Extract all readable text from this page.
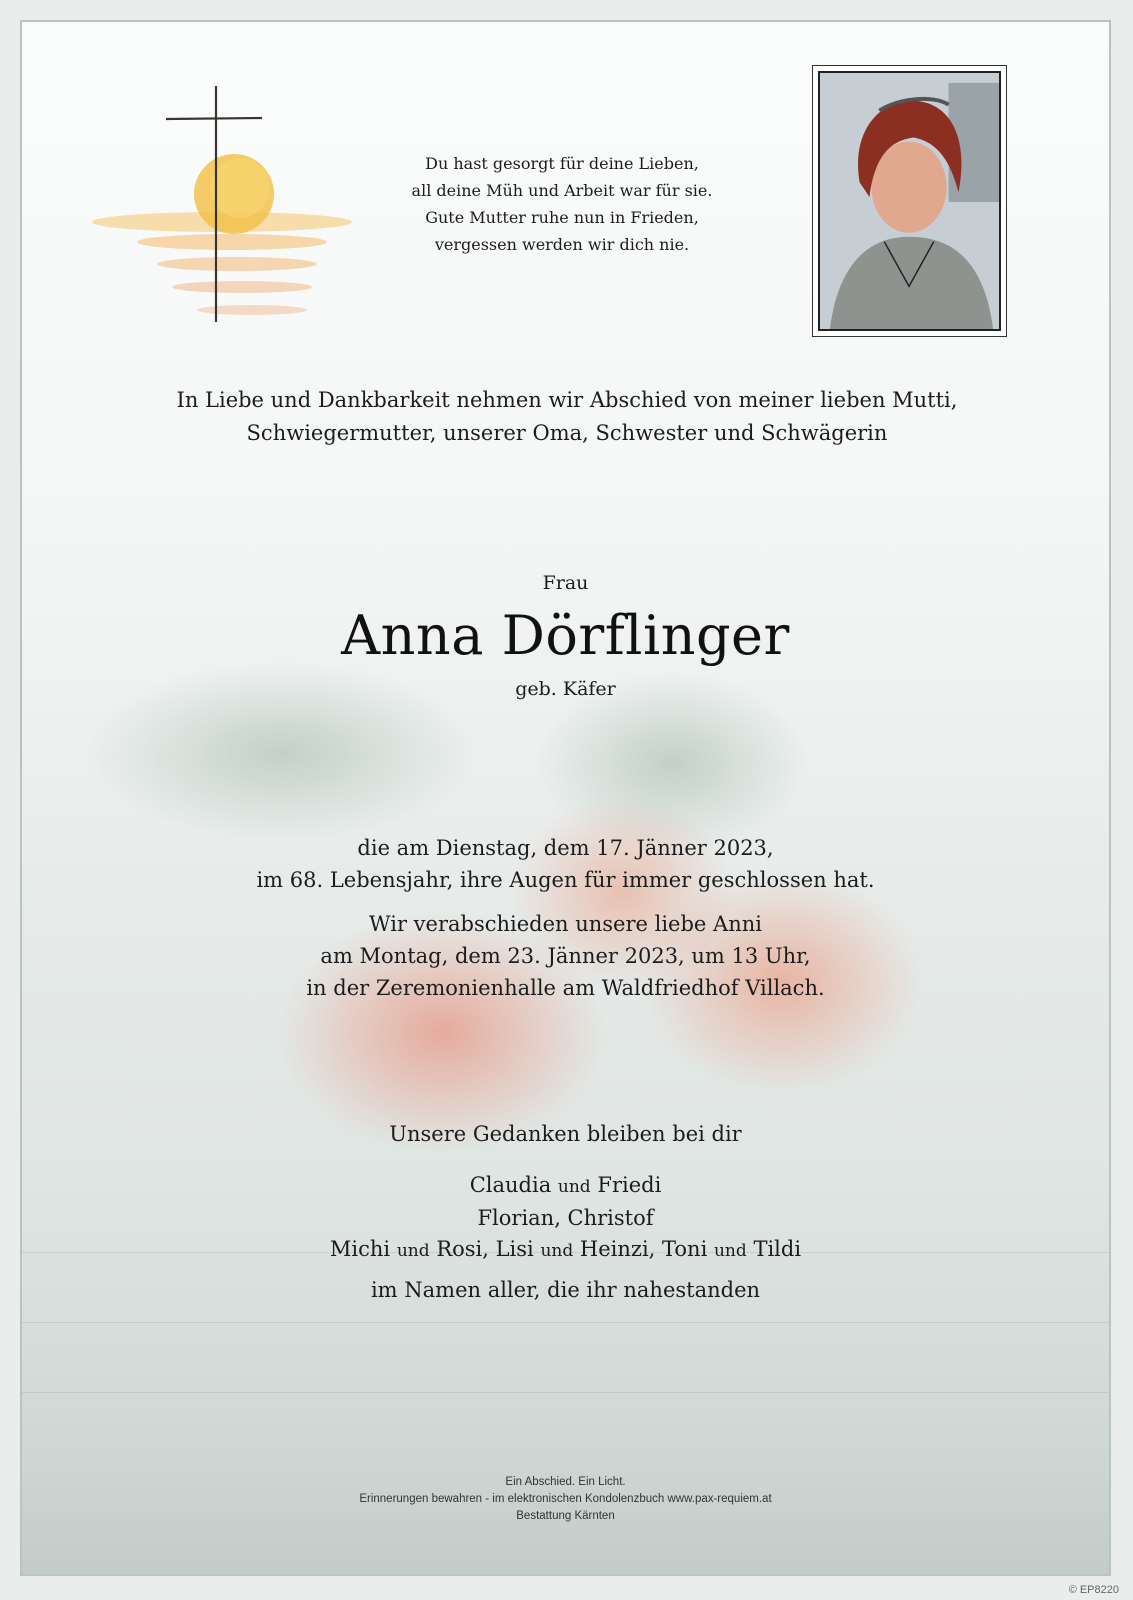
Du hast gesorgt für deine Lieben,
all deine Müh und Arbeit war für sie.
Gute Mutter ruhe nun in Frieden,
vergessen werden wir dich nie.
In Liebe und Dankbarkeit nehmen wir Abschied von meiner lieben Mutti,
Schwiegermutter, unserer Oma, Schwester und Schwägerin
Frau
Anna Dörflinger
geb. Käfer
die am Dienstag, dem 17. Jänner 2023,
im 68. Lebensjahr, ihre Augen für immer geschlossen hat.
Wir verabschieden unsere liebe Anni
am Montag, dem 23. Jänner 2023, um 13 Uhr,
in der Zeremonienhalle am Waldfriedhof Villach.
Unsere Gedanken bleiben bei dir
Claudia und Friedi
Florian, Christof
Michi und Rosi, Lisi und Heinzi, Toni und Tildi
im Namen aller, die ihr nahestanden
Ein Abschied. Ein Licht.
Erinnerungen bewahren - im elektronischen Kondolenzbuch www.pax-requiem.at
Bestattung Kärnten
© EP8220
